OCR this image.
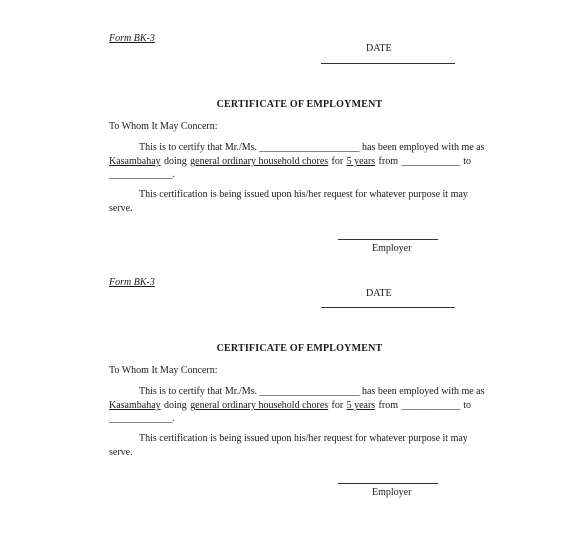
Form BK-3
DATE
CERTIFICATE OF EMPLOYMENT
To Whom It May Concern:
This is to certify that Mr./Ms. ____________________ has been employed with me as
Kasambahay doing general ordinary household chores for 5 years from _____________ to
______________.
This certification is being issued upon his/her request for whatever purpose it may
serve.
Employer
Form BK-3
DATE
CERTIFICATE OF EMPLOYMENT
To Whom It May Concern:
This is to certify that Mr./Ms. ____________________ has been employed with me as
Kasambahay doing general ordinary household chores for 5 years from _____________ to
______________.
This certification is being issued upon his/her request for whatever purpose it may
serve.
Employer
